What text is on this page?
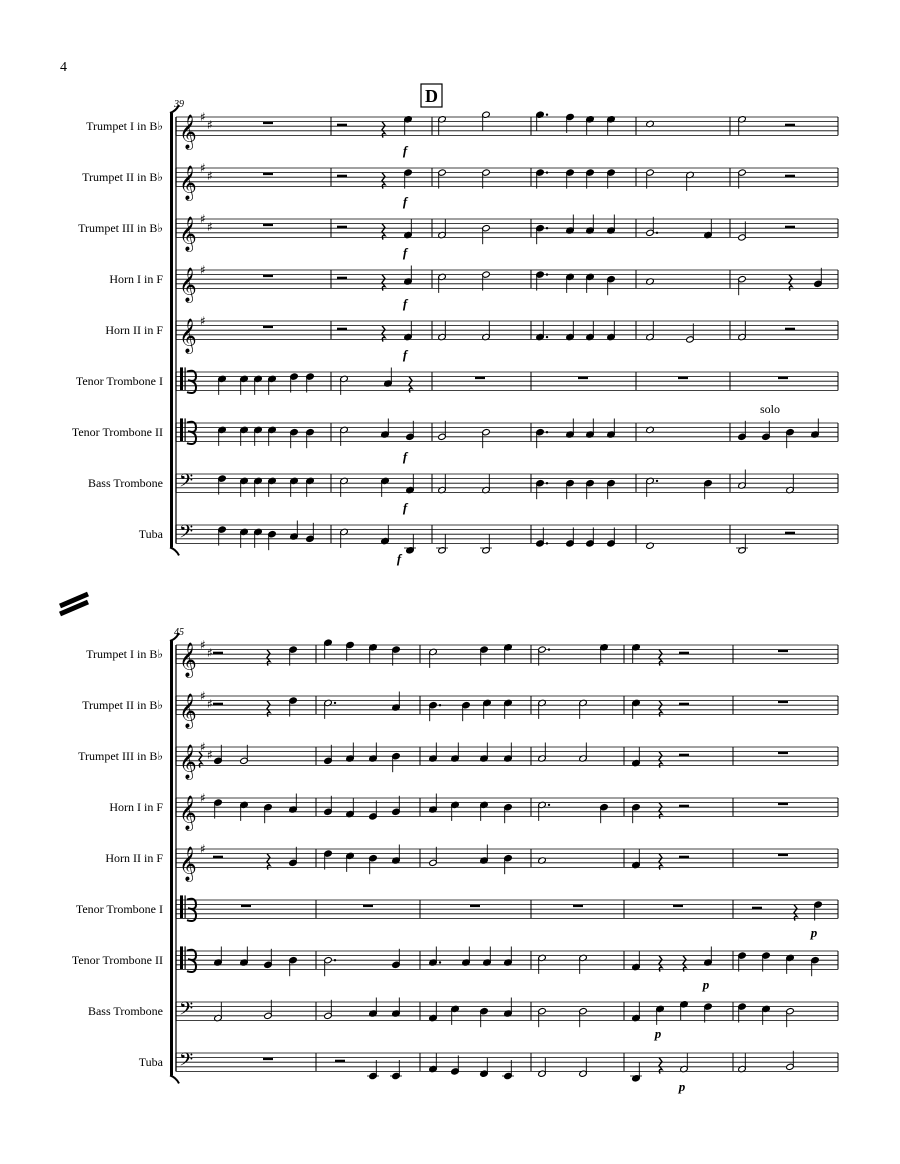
4
Trumpet I in B♭
Trumpet II in B♭
Trumpet III in B♭
Horn I in F
Horn II in F
Tenor Trombone I
Tenor Trombone II
Bass Trombone
Tuba
39
𝄞 ♯
♯
𝄞 ♯
♯
𝄞 ♯
♯
𝄞 ♯
𝄞 ♯
𝄢
𝄢
Trumpet I in B♭
Trumpet II in B♭
Trumpet III in B♭
Horn I in F
Horn II in F
Tenor Trombone I
Tenor Trombone II
Bass Trombone
Tuba
45
𝄞 ♯
♯
𝄞 ♯
♯
𝄞 ♯
♯
𝄞 ♯
𝄞 ♯
𝄢
𝄢
D
f
f
f
f
f
f
solo
f
f
p
p
p
p
